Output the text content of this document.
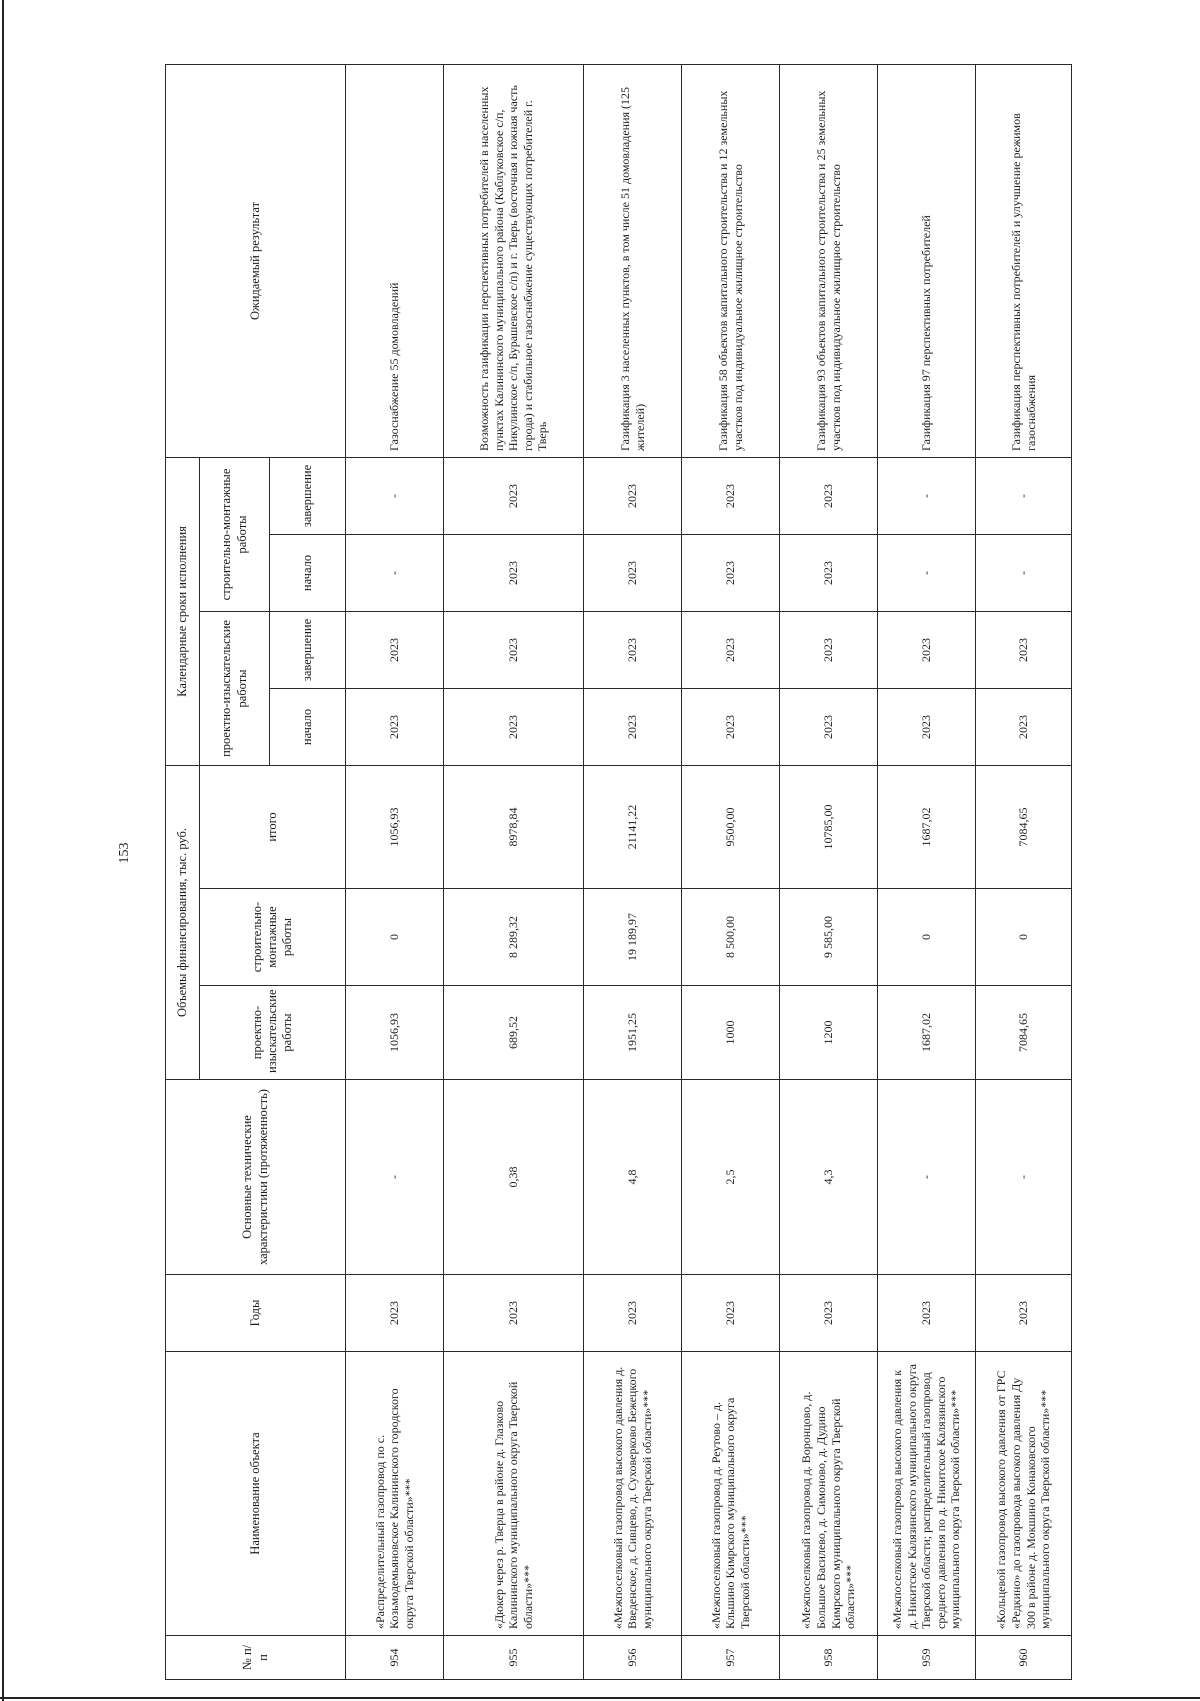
153
№ п/п	Наименование объекта	Годы	Основные технические характеристики (протяженность)	Объемы финансирования, тыс. руб.			Календарные сроки исполнения				Ожидаемый результат
				проектно-изыскательские работы	строительно-монтажные работы	итого	проектно-изыскательские работы		строительно-монтажные работы		
							начало	завершение	начало	завершение	
954	«Распределительный газопровод по с. Козьмодемьяновское Калининского городского округа Тверской области»***	2023	-	1056,93	0	1056,93	2023	2023	-	-	Газоснабжение 55 домовладений
955	«Дюкер через р. Тверца в районе д. Глазково Калининского муниципального округа Тверской области»***	2023	0,38	689,52	8 289,32	8978,84	2023	2023	2023	2023	Возможность газификации перспективных потребителей в населенных пунктах Калининского муниципального района (Каблуковское с/п, Никулинское с/п, Бурашевское с/п) и г. Тверь (восточная и южная часть города) и стабильное газоснабжение существующих потребителей г. Тверь
956	«Межпоселковый газопровод высокого давления д. Введенское, д. Сивцево, д. Суховерково Бежецкого муниципального округа Тверской области»***	2023	4,8	1951,25	19 189,97	21141,22	2023	2023	2023	2023	Газификация 3 населенных пунктов, в том числе 51 домовладения (125 жителей)
957	«Межпоселковый газопровод д. Реутово – д. Кльшино Кимрского муниципального округа Тверской области»***	2023	2,5	1000	8 500,00	9500,00	2023	2023	2023	2023	Газификация 58 объектов капитального строительства и 12 земельных участков под индивидуальное жилищное строительство
958	«Межпоселковый газопровод д. Воронцово, д. Большое Василево, д. Симоново, д. Дудино Кимрского муниципального округа Тверской области»***	2023	4,3	1200	9 585,00	10785,00	2023	2023	2023	2023	Газификация 93 объектов капитального строительства и 25 земельных участков под индивидуальное жилищное строительство
959	«Межпоселковый газопровод высокого давления к д. Никитское Калязинского муниципального округа Тверской области; распределительный газопровод среднего давления по д. Никитское Калязинского муниципального округа Тверской области»***	2023	-	1687,02	0	1687,02	2023	2023	-	-	Газификация 97 перспективных потребителей
960	«Кольцевой газопровод высокого давления от ГРС «Редкино» до газопровода высокого давления Ду 300 в районе д. Мокшино Конаковского муниципального округа Тверской области»***	2023	-	7084,65	0	7084,65	2023	2023	-	-	Газификация перспективных потребителей и улучшение режимов газоснабжения
